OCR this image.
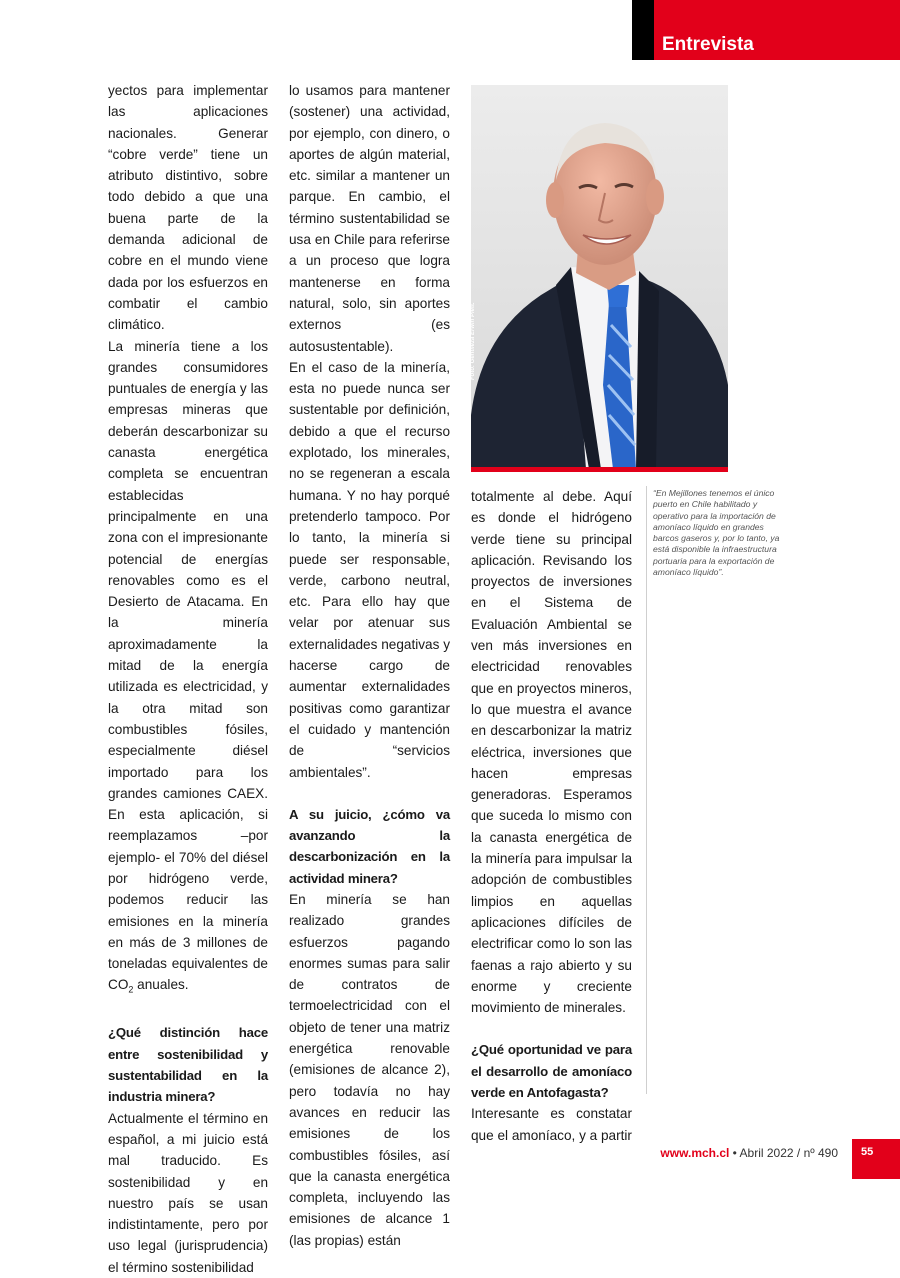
Entrevista

yectos para implementar las aplicaciones nacionales. Generar “cobre verde” tiene un atributo distintivo, sobre todo debido a que una buena parte de la demanda adicional de cobre en el mundo viene dada por los esfuerzos en combatir el cambio climático.

La minería tiene a los grandes consumidores puntuales de energía y las empresas mineras que deberán descarbonizar su canasta energética completa se encuentran establecidas principalmente en una zona con el impresionante potencial de energías renovables como es el Desierto de Atacama. En la minería aproximadamente la mitad de la energía utilizada es electricidad, y la otra mitad son combustibles fósiles, especialmente diésel importado para los grandes camiones CAEX. En esta aplicación, si reemplazamos –por ejemplo- el 70% del diésel por hidrógeno verde, podemos reducir las emisiones en la minería en más de 3 millones de toneladas equivalentes de $CO_2$ anuales.

¿Qué distinción hace entre sostenibilidad y sustentabilidad en la industria minera?

Actualmente el término en español, a mi juicio está mal traducido. Es sostenibilidad y en nuestro país se usan indistintamente, pero por uso legal (jurisprudencia) el término sostenibilidad

lo usamos para mantener (sostener) una actividad, por ejemplo, con dinero, o aportes de algún material, etc. similar a mantener un parque. En cambio, el término sustentabilidad se usa en Chile para referirse a un proceso que logra mantenerse en forma natural, solo, sin aportes externos (es autosustentable).

En el caso de la minería, esta no puede nunca ser sustentable por definición, debido a que el recurso explotado, los minerales, no se regeneran a escala humana. Y no hay porqué pretenderlo tampoco. Por lo tanto, la minería si puede ser responsable, verde, carbono neutral, etc. Para ello hay que velar por atenuar sus externalidades negativas y hacerse cargo de aumentar externalidades positivas como garantizar el cuidado y mantención de “servicios ambientales”.

A su juicio, ¿cómo va avanzando la descarbonización en la actividad minera?

En minería se han realizado grandes esfuerzos pagando enormes sumas para salir de contratos de termoelectricidad con el objeto de tener una matriz energética renovable (emisiones de alcance 2), pero todavía no hay avances en reducir las emisiones de los combustibles fósiles, así que la canasta energética completa, incluyendo las emisiones de alcance 1 (las propias) están

Foto: Gentileza Erwin Plett.

totalmente al debe. Aquí es donde el hidrógeno verde tiene su principal aplicación. Revisando los proyectos de inversiones en el Sistema de Evaluación Ambiental se ven más inversiones en electricidad renovables que en proyectos mineros, lo que muestra el avance en descarbonizar la matriz eléctrica, inversiones que hacen empresas generadoras. Esperamos que suceda lo mismo con la canasta energética de la minería para impulsar la adopción de combustibles limpios en aquellas aplicaciones difíciles de electrificar como lo son las faenas a rajo abierto y su enorme y creciente movimiento de minerales.

¿Qué oportunidad ve para el desarrollo de amoníaco verde en Antofagasta?

Interesante es constatar que el amoníaco, y a partir

“En Mejillones tenemos el único puerto en Chile habilitado y operativo para la importación de amoníaco líquido en grandes barcos gaseros y, por lo tanto, ya está disponible la infraestructura portuaria para la exportación de amoníaco líquido”.
www.mch.cl • Abril 2022 / nº 490 55
